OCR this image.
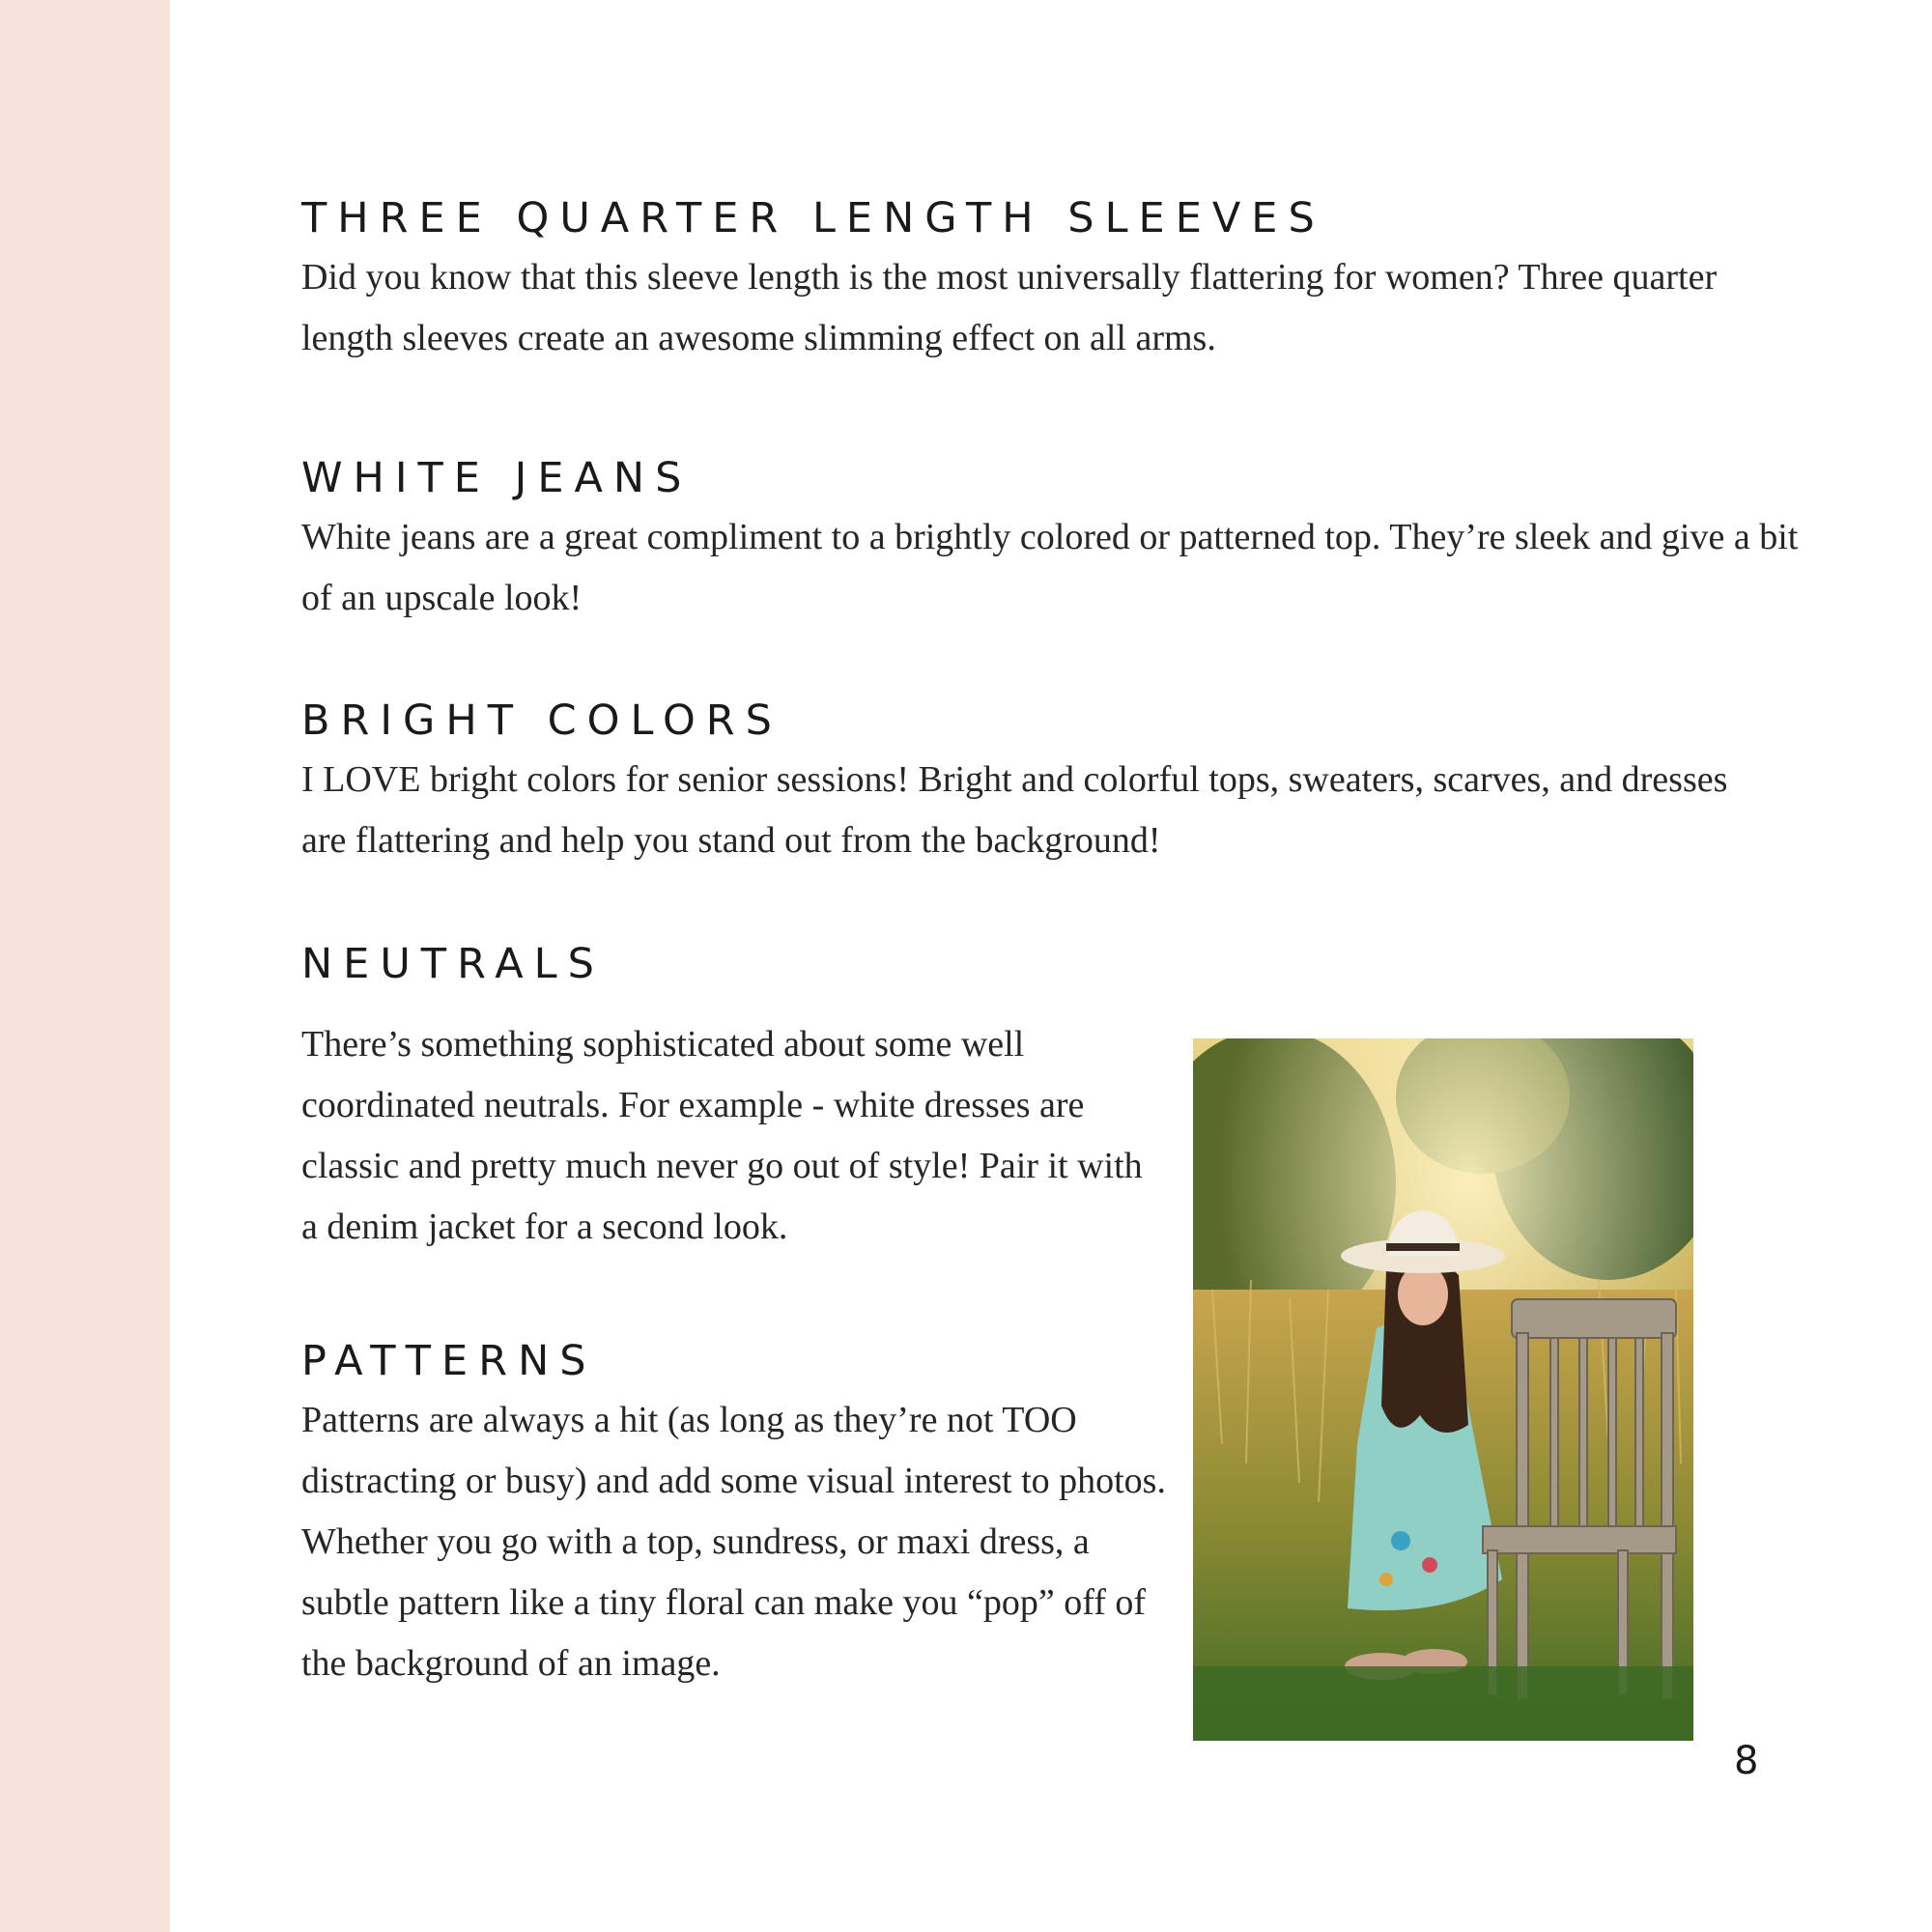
THREE QUARTER LENGTH SLEEVES

Did you know that this sleeve length is the most universally flattering for women? Three quarter length sleeves create an awesome slimming effect on all arms.

WHITE JEANS

White jeans are a great compliment to a brightly colored or patterned top. They’re sleek and give a bit of an upscale look!

BRIGHT COLORS

I LOVE bright colors for senior sessions! Bright and colorful tops, sweaters, scarves, and dresses are flattering and help you stand out from the background!

NEUTRALS

There’s something sophisticated about some well coordinated neutrals. For example - white dresses are classic and pretty much never go out of style! Pair it with a denim jacket for a second look.

PATTERNS

Patterns are always a hit (as long as they’re not TOO distracting or busy) and add some visual interest to photos. Whether you go with a top, sundress, or maxi dress, a subtle pattern like a tiny floral can make you “pop” off of the background of an image.

8
